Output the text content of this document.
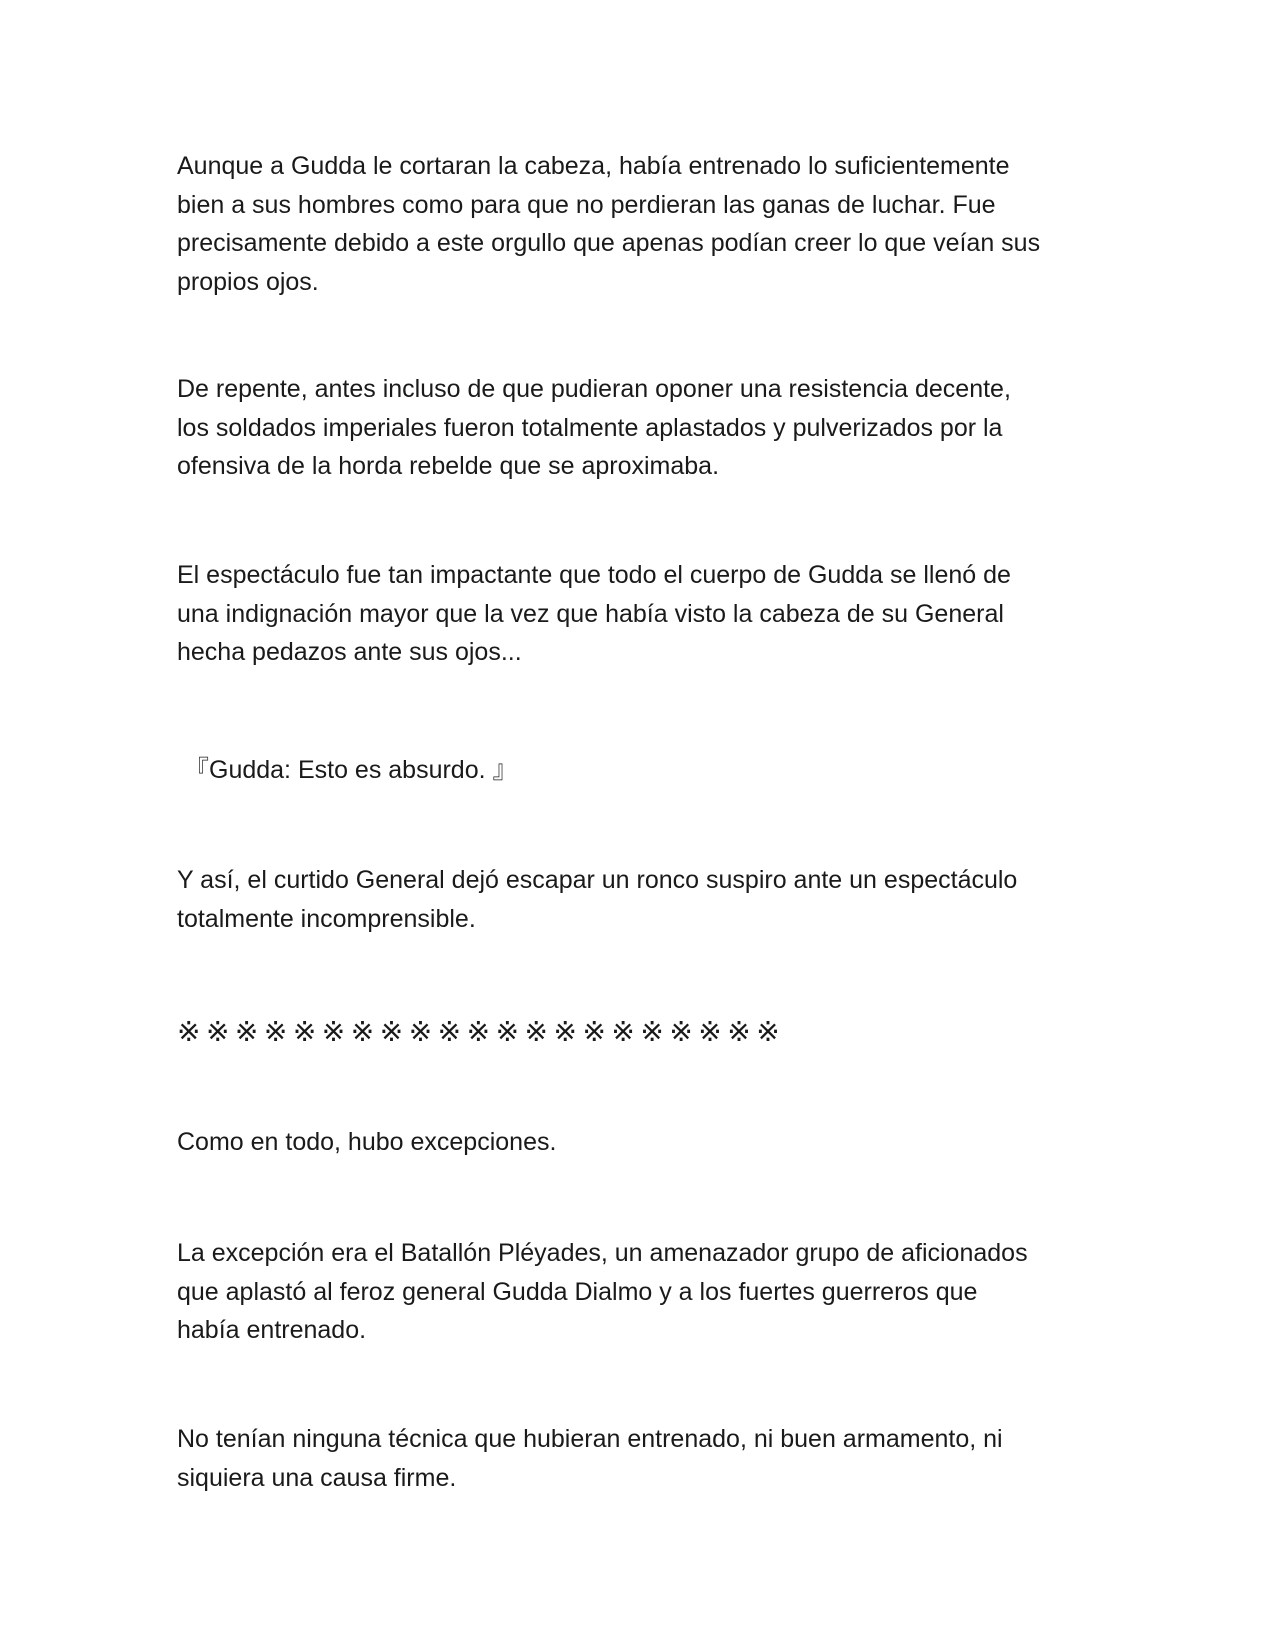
Aunque a Gudda le cortaran la cabeza, había entrenado lo suficientemente
bien a sus hombres como para que no perdieran las ganas de luchar. Fue
precisamente debido a este orgullo que apenas podían creer lo que veían sus
propios ojos.

De repente, antes incluso de que pudieran oponer una resistencia decente,
los soldados imperiales fueron totalmente aplastados y pulverizados por la
ofensiva de la horda rebelde que se aproximaba.

El espectáculo fue tan impactante que todo el cuerpo de Gudda se llenó de
una indignación mayor que la vez que había visto la cabeza de su General
hecha pedazos ante sus ojos...

『Gudda: Esto es absurdo. 』

Y así, el curtido General dejó escapar un ronco suspiro ante un espectáculo
totalmente incomprensible.

※※※※※※※※※※※※※※※※※※※※※

Como en todo, hubo excepciones.

La excepción era el Batallón Pléyades, un amenazador grupo de aficionados
que aplastó al feroz general Gudda Dialmo y a los fuertes guerreros que
había entrenado.

No tenían ninguna técnica que hubieran entrenado, ni buen armamento, ni
siquiera una causa firme.
